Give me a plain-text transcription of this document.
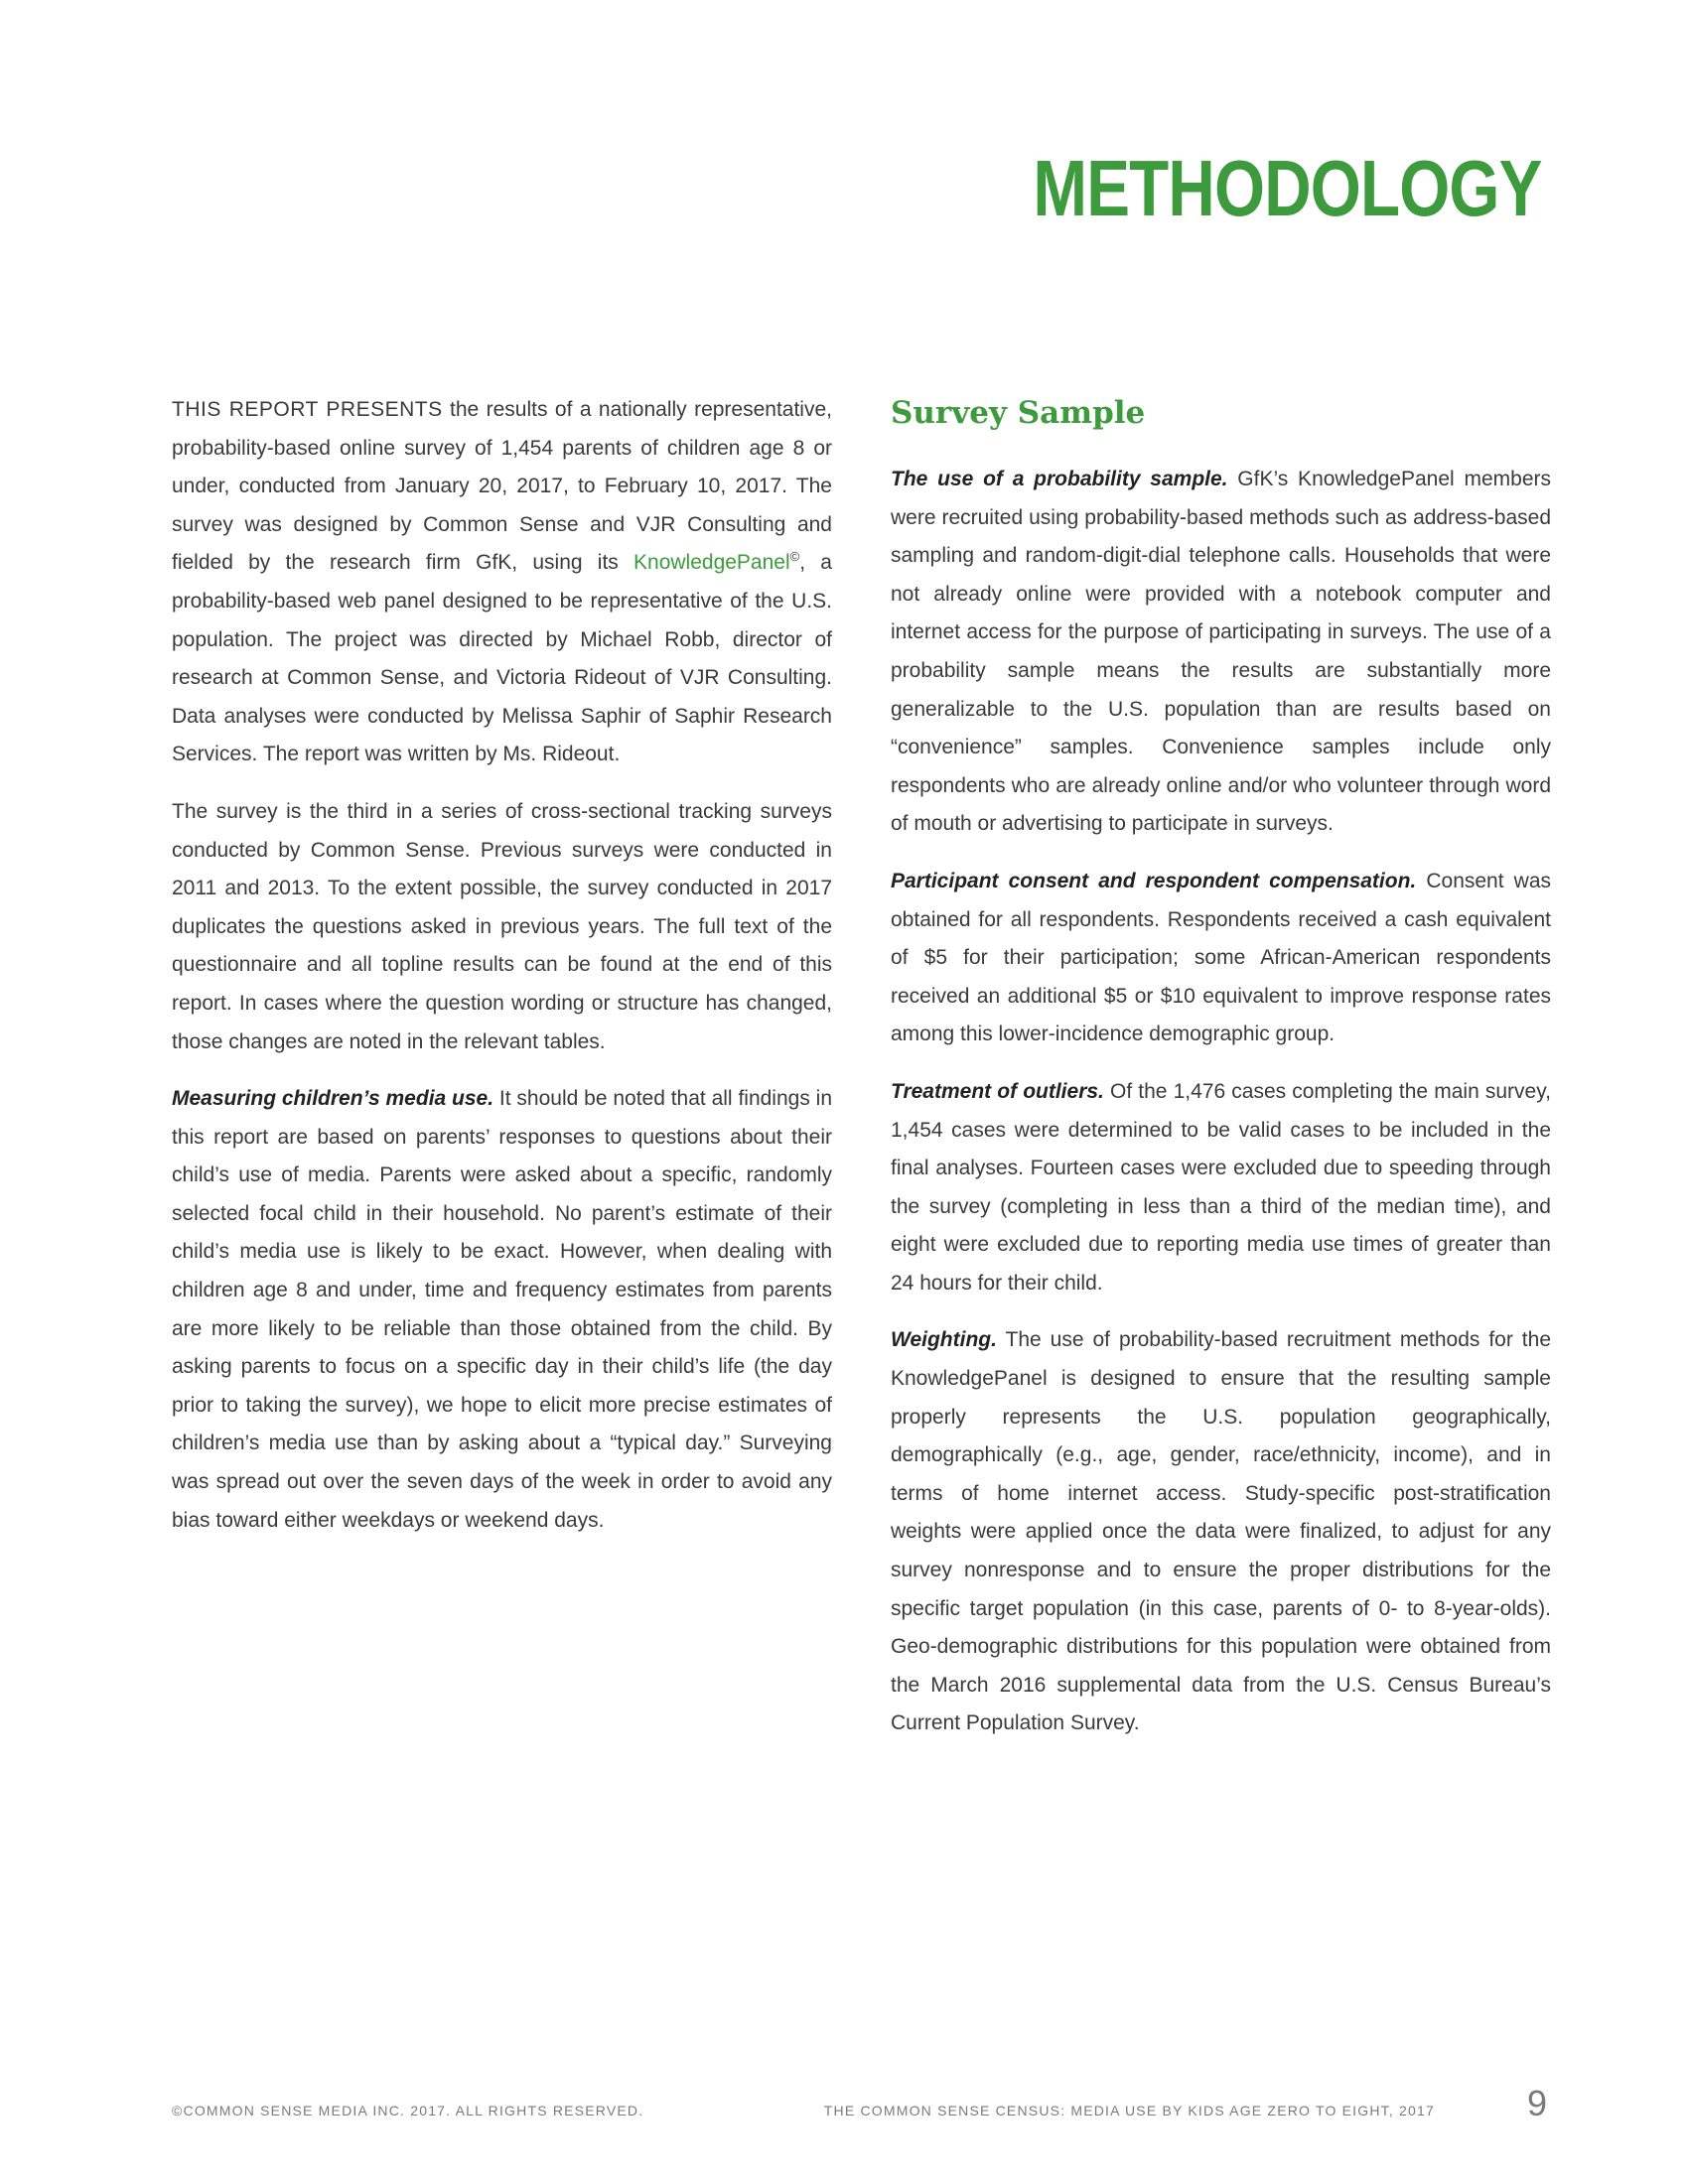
METHODOLOGY

THIS REPORT PRESENTS the results of a nationally representative, probability-based online survey of 1,454 parents of children age 8 or under, conducted from January 20, 2017, to February 10, 2017. The survey was designed by Common Sense and VJR Consulting and fielded by the research firm GfK, using its KnowledgePanel©, a probability-based web panel designed to be representative of the U.S. population. The project was directed by Michael Robb, director of research at Common Sense, and Victoria Rideout of VJR Consulting. Data analyses were conducted by Melissa Saphir of Saphir Research Services. The report was written by Ms. Rideout.

The survey is the third in a series of cross-sectional tracking surveys conducted by Common Sense. Previous surveys were conducted in 2011 and 2013. To the extent possible, the survey conducted in 2017 duplicates the questions asked in previous years. The full text of the questionnaire and all topline results can be found at the end of this report. In cases where the question wording or structure has changed, those changes are noted in the relevant tables.

Measuring children’s media use. It should be noted that all findings in this report are based on parents’ responses to questions about their child’s use of media. Parents were asked about a specific, randomly selected focal child in their household. No parent’s estimate of their child’s media use is likely to be exact. However, when dealing with children age 8 and under, time and frequency estimates from parents are more likely to be reliable than those obtained from the child. By asking parents to focus on a specific day in their child’s life (the day prior to taking the survey), we hope to elicit more precise estimates of children’s media use than by asking about a “typical day.” Surveying was spread out over the seven days of the week in order to avoid any bias toward either weekdays or weekend days.

Survey Sample

The use of a probability sample. GfK’s KnowledgePanel members were recruited using probability-based methods such as address-based sampling and random-digit-dial telephone calls. Households that were not already online were provided with a notebook computer and internet access for the purpose of participating in surveys. The use of a probability sample means the results are substantially more generalizable to the U.S. population than are results based on “convenience” samples. Convenience samples include only respondents who are already online and/or who volunteer through word of mouth or advertising to participate in surveys.

Participant consent and respondent compensation. Consent was obtained for all respondents. Respondents received a cash equivalent of $5 for their participation; some African-American respondents received an additional $5 or $10 equivalent to improve response rates among this lower-incidence demographic group.

Treatment of outliers. Of the 1,476 cases completing the main survey, 1,454 cases were determined to be valid cases to be included in the final analyses. Fourteen cases were excluded due to speeding through the survey (completing in less than a third of the median time), and eight were excluded due to reporting media use times of greater than 24 hours for their child.

Weighting. The use of probability-based recruitment methods for the KnowledgePanel is designed to ensure that the resulting sample properly represents the U.S. population geographically, demographically (e.g., age, gender, race/ethnicity, income), and in terms of home internet access. Study-specific post-stratification weights were applied once the data were finalized, to adjust for any survey nonresponse and to ensure the proper distributions for the specific target population (in this case, parents of 0- to 8-year-olds). Geo-demographic distributions for this population were obtained from the March 2016 supplemental data from the U.S. Census Bureau’s Current Population Survey.

©COMMON SENSE MEDIA INC. 2017. ALL RIGHTS RESERVED.	THE COMMON SENSE CENSUS: MEDIA USE BY KIDS AGE ZERO TO EIGHT, 2017	9
